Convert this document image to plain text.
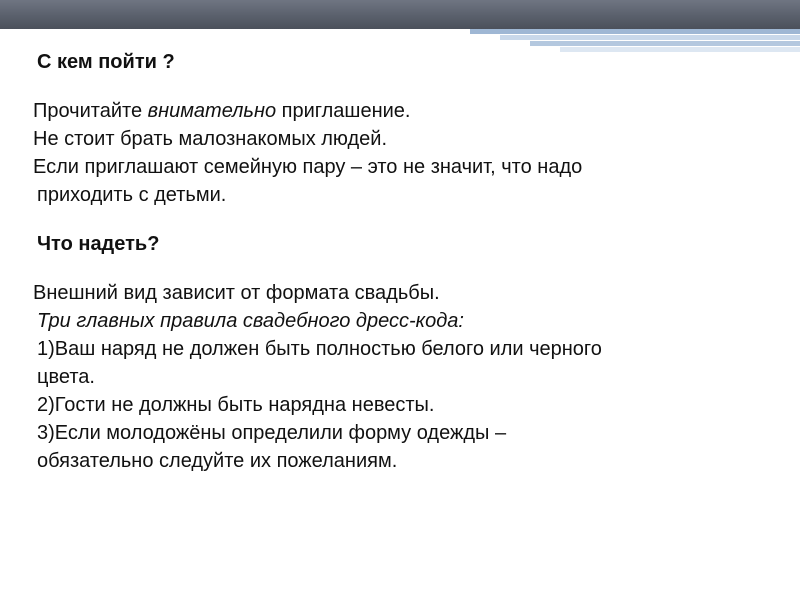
С кем пойти ?
Прочитайте внимательно приглашение.
Не стоит брать малознакомых людей.
Если приглашают семейную пару – это не значит, что надо
приходить с детьми.
Что надеть?
Внешний вид зависит от формата свадьбы.
Три главных правила свадебного дресс-кода:
1)Ваш наряд не должен быть полностью белого или черного
цвета.
2)Гости не должны быть нарядна невесты.
3)Если молодожёны определили форму одежды –
обязательно следуйте их пожеланиям.
